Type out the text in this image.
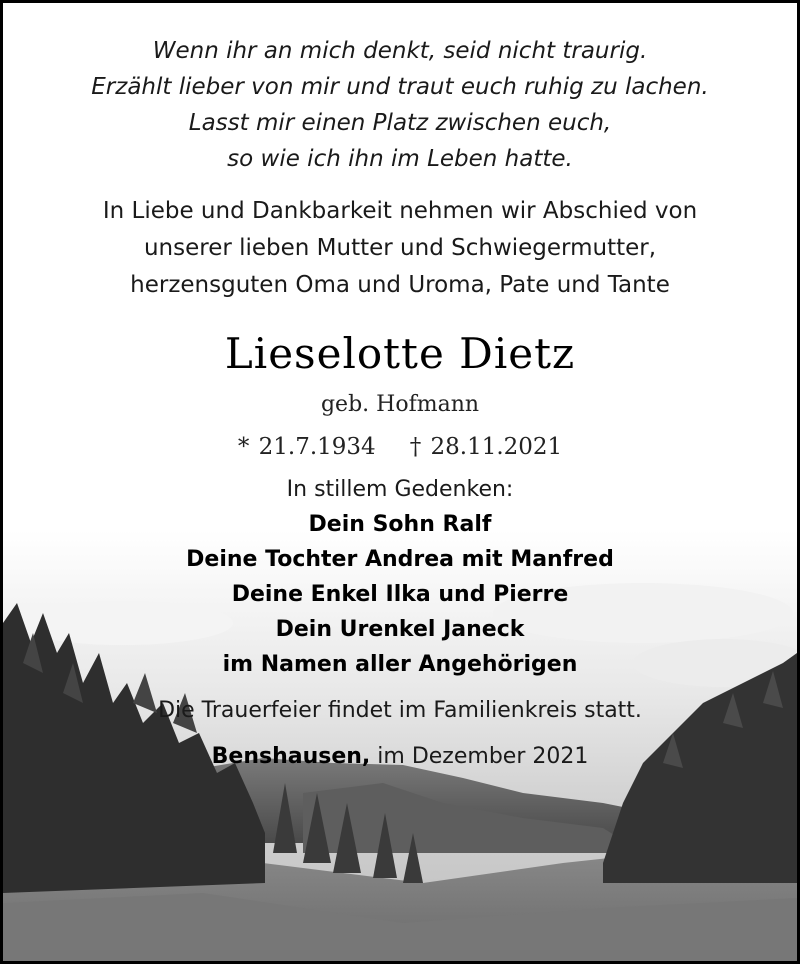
Wenn ihr an mich denkt, seid nicht traurig.
Erzählt lieber von mir und traut euch ruhig zu lachen.
Lasst mir einen Platz zwischen euch,
so wie ich ihn im Leben hatte.
In Liebe und Dankbarkeit nehmen wir Abschied von
unserer lieben Mutter und Schwiegermutter,
herzensguten Oma und Uroma, Pate und Tante
Lieselotte Dietz
geb. Hofmann
* 21.7.1934 † 28.11.2021
In stillem Gedenken:
Dein Sohn Ralf
Deine Tochter Andrea mit Manfred
Deine Enkel Ilka und Pierre
Dein Urenkel Janeck
im Namen aller Angehörigen
Die Trauerfeier findet im Familienkreis statt.
Benshausen, im Dezember 2021
